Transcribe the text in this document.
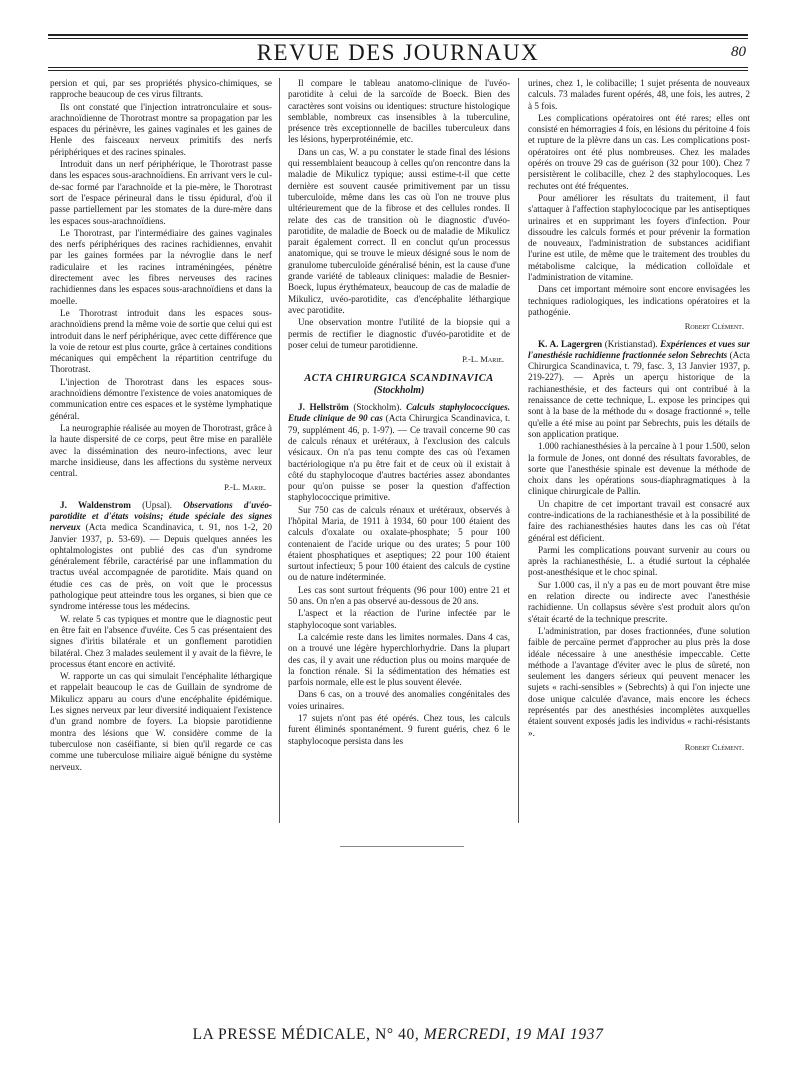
REVUE DES JOURNAUX	80

persion et qui, par ses propriétés physico-chimiques, se rapproche beaucoup de ces virus filtrants.

Ils ont constaté que l'injection intratronculaire et sous-arachnoïdienne de Thorotrast montre sa propagation par les espaces du périnèvre, les gaines vaginales et les gaines de Henle des faisceaux nerveux primitifs des nerfs périphériques et des racines spinales.

Introduit dans un nerf périphérique, le Thorotrast passe dans les espaces sous-arachnoïdiens. En arrivant vers le cul-de-sac formé par l'arachnoïde et la pie-mère, le Thorotrast sort de l'espace périneural dans le tissu épidural, d'où il passe partiellement par les stomates de la dure-mère dans les espaces sous-arachnoïdiens.

Le Thorotrast, par l'intermédiaire des gaines vaginales des nerfs périphériques des racines rachidiennes, envahit par les gaines formées par la névroglie dans le nerf radiculaire et les racines intraméningées, pénètre directement avec les fibres nerveuses des racines rachidiennes dans les espaces sous-arachnoïdiens et dans la moelle.

Le Thorotrast introduit dans les espaces sous-arachnoïdiens prend la même voie de sortie que celui qui est introduit dans le nerf périphérique, avec cette différence que la voie de retour est plus courte, grâce à certaines conditions mécaniques qui empêchent la répartition centrifuge du Thorotrast.

L'injection de Thorotrast dans les espaces sous-arachnoïdiens démontre l'existence de voies anatomiques de communication entre ces espaces et le système lymphatique général.

La neurographie réalisée au moyen de Thorotrast, grâce à la haute dispersité de ce corps, peut être mise en parallèle avec la dissémination des neuro-infections, avec leur marche insidieuse, dans les affections du système nerveux central.

P.-L. Marie.

J. Waldenstrom (Upsal). Observations d'uvéo-parotidite et d'états voisins; étude spéciale des signes nerveux (Acta medica Scandinavica, t. 91, nos 1-2, 20 Janvier 1937, p. 53-69). — Depuis quelques années les ophtalmologistes ont publié des cas d'un syndrome généralement fébrile, caractérisé par une inflammation du tractus uvéal accompagnée de parotidite. Mais quand on étudie ces cas de près, on voit que le processus pathologique peut atteindre tous les organes, si bien que ce syndrome intéresse tous les médecins.

W. relate 5 cas typiques et montre que le diagnostic peut en être fait en l'absence d'uvéite. Ces 5 cas présentaient des signes d'iritis bilatérale et un gonflement parotidien bilatéral. Chez 3 malades seulement il y avait de la fièvre, le processus étant encore en activité.

W. rapporte un cas qui simulait l'encéphalite léthargique et rappelait beaucoup le cas de Guillain de syndrome de Mikulicz apparu au cours d'une encéphalite épidémique. Les signes nerveux par leur diversité indiquaient l'existence d'un grand nombre de foyers. La biopsie parotidienne montra des lésions que W. considère comme de la tuberculose non caséifiante, si bien qu'il regarde ce cas comme une tuberculose miliaire aiguë bénigne du système nerveux.

Il compare le tableau anatomo-clinique de l'uvéo-parotidite à celui de la sarcoïde de Boeck. Bien des caractères sont voisins ou identiques: structure histologique semblable, nombreux cas insensibles à la tuberculine, présence très exceptionnelle de bacilles tuberculeux dans les lésions, hyperprotéinémie, etc.

Dans un cas, W. a pu constater le stade final des lésions qui ressemblaient beaucoup à celles qu'on rencontre dans la maladie de Mikulicz typique; aussi estime-t-il que cette dernière est souvent causée primitivement par un tissu tuberculoïde, même dans les cas où l'on ne trouve plus ultérieurement que de la fibrose et des cellules rondes. Il relate des cas de transition où le diagnostic d'uvéo-parotidite, de maladie de Boeck ou de maladie de Mikulicz parait également correct. Il en conclut qu'un processus anatomique, qui se trouve le mieux désigné sous le nom de granulome tuberculoïde généralisé bénin, est la cause d'une grande variété de tableaux cliniques: maladie de Besnier-Boeck, lupus érythémateux, beaucoup de cas de maladie de Mikulicz, uvéo-parotidite, cas d'encéphalite léthargique avec parotidite.

Une observation montre l'utilité de la biopsie qui a permis de rectifier le diagnostic d'uvéo-parotidite et de poser celui de tumeur parotidienne.

P.-L. Marie.

ACTA CHIRURGICA SCANDINAVICA
(Stockholm)

J. Hellström (Stockholm). Calculs staphylococciques. Etude clinique de 90 cas (Acta Chirurgica Scandinavica, t. 79, supplément 46, p. 1-97). — Ce travail concerne 90 cas de calculs rénaux et urétéraux, à l'exclusion des calculs vésicaux. On n'a pas tenu compte des cas où l'examen bactériologique n'a pu être fait et de ceux où il existait à côté du staphylocoque d'autres bactéries assez abondantes pour qu'on puisse se poser la question d'affection staphylococcique primitive.

Sur 750 cas de calculs rénaux et urétéraux, observés à l'hôpital Maria, de 1911 à 1934, 60 pour 100 étaient des calculs d'oxalate ou oxalate-phosphate; 5 pour 100 contenaient de l'acide urique ou des urates; 5 pour 100 étaient phosphatiques et aseptiques; 22 pour 100 étaient surtout infectieux; 5 pour 100 étaient des calculs de cystine ou de nature indéterminée.

Les cas sont surtout fréquents (96 pour 100) entre 21 et 50 ans. On n'en a pas observé au-dessous de 20 ans.

L'aspect et la réaction de l'urine infectée par le staphylocoque sont variables.

La calcémie reste dans les limites normales. Dans 4 cas, on a trouvé une légère hyperchlorhydrie. Dans la plupart des cas, il y avait une réduction plus ou moins marquée de la fonction rénale. Si la sédimentation des hématies est parfois normale, elle est le plus souvent élevée.

Dans 6 cas, on a trouvé des anomalies congénitales des voies urinaires.

17 sujets n'ont pas été opérés. Chez tous, les calculs furent éliminés spontanément. 9 furent guéris, chez 6 le staphylocoque persista dans les

urines, chez 1, le colibacille; 1 sujet présenta de nouveaux calculs. 73 malades furent opérés, 48, une fois, les autres, 2 à 5 fois.

Les complications opératoires ont été rares; elles ont consisté en hémorragies 4 fois, en lésions du péritoine 4 fois et rupture de la plèvre dans un cas. Les complications post-opératoires ont été plus nombreuses. Chez les malades opérés on trouve 29 cas de guérison (32 pour 100). Chez 7 persistèrent le colibacille, chez 2 des staphylocoques. Les rechutes ont été fréquentes.

Pour améliorer les résultats du traitement, il faut s'attaquer à l'affection staphylococique par les antiseptiques urinaires et en supprimant les foyers d'infection. Pour dissoudre les calculs formés et pour prévenir la formation de nouveaux, l'administration de substances acidifiant l'urine est utile, de même que le traitement des troubles du métabolisme calcique, la médication colloïdale et l'administration de vitamine.

Dans cet important mémoire sont encore envisagées les techniques radiologiques, les indications opératoires et la pathogénie.

Robert Clément.

K. A. Lagergren (Kristianstad). Expériences et vues sur l'anesthésie rachidienne fractionnée selon Sebrechts (Acta Chirurgica Scandinavica, t. 79, fasc. 3, 13 Janvier 1937, p. 219-227). — Après un aperçu historique de la rachianesthésie, et des facteurs qui ont contribué à la renaissance de cette technique, L. expose les principes qui sont à la base de la méthode du « dosage fractionné », telle qu'elle a été mise au point par Sebrechts, puis les détails de son application pratique.

1.000 rachianesthésies à la percaïne à 1 pour 1.500, selon la formule de Jones, ont donné des résultats favorables, de sorte que l'anesthésie spinale est devenue la méthode de choix dans les opérations sous-diaphragmatiques à la clinique chirurgicale de Pallin.

Un chapitre de cet important travail est consacré aux contre-indications de la rachianesthésie et à la possibilité de faire des rachianesthésies hautes dans les cas où l'état général est déficient.

Parmi les complications pouvant survenir au cours ou après la rachianesthésie, L. a étudié surtout la céphalée post-anesthésique et le choc spinal.

Sur 1.000 cas, il n'y a pas eu de mort pouvant être mise en relation directe ou indirecte avec l'anesthésie rachidienne. Un collapsus sévère s'est produit alors qu'on s'était écarté de la technique prescrite.

L'administration, par doses fractionnées, d'une solution faible de percaïne permet d'approcher au plus près la dose idéale nécessaire à une anesthésie impeccable. Cette méthode a l'avantage d'éviter avec le plus de sûreté, non seulement les dangers sérieux qui peuvent menacer les sujets « rachi-sensibles » (Sebrechts) à qui l'on injecte une dose unique calculée d'avance, mais encore les échecs représentés par des anesthésies incomplètes auxquelles étaient souvent exposés jadis les individus « rachi-résistants ».

Robert Clément.

LA PRESSE MÉDICALE, N° 40, MERCREDI, 19 MAI 1937
